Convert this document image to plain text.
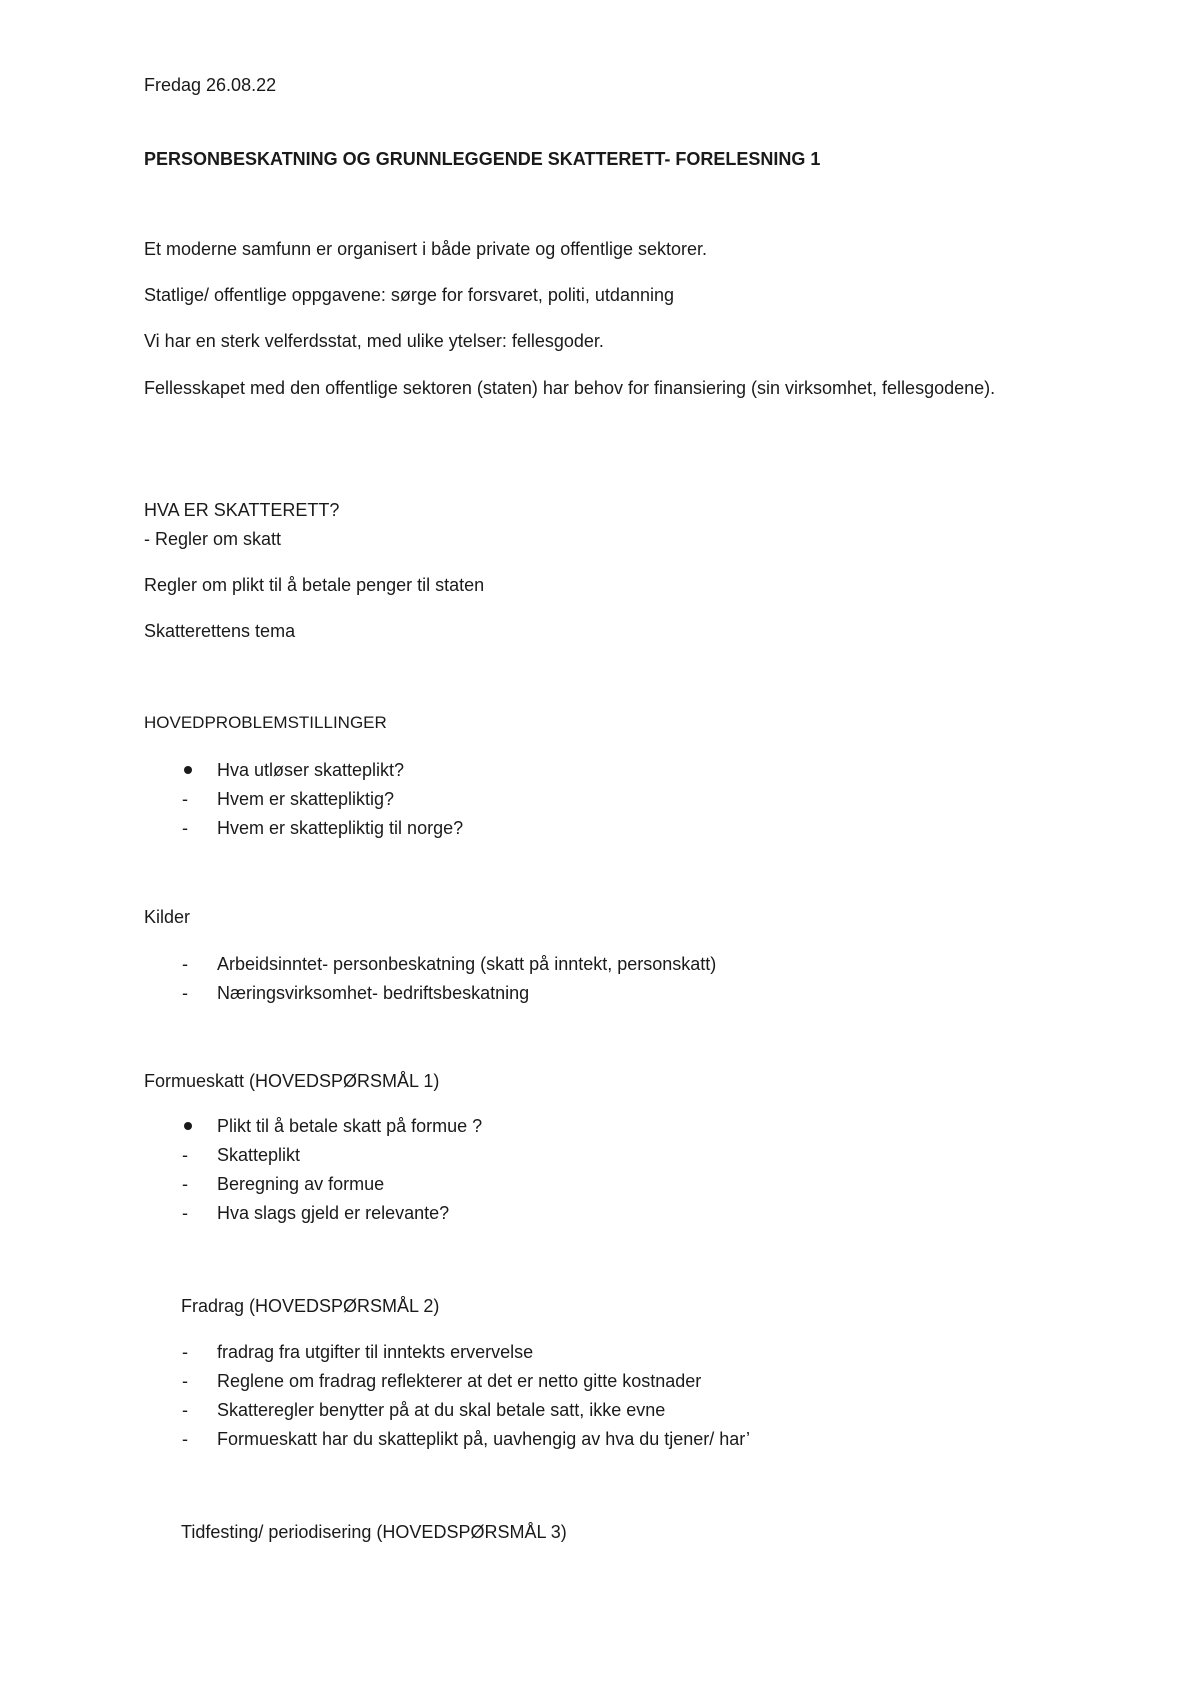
Fredag 26.08.22

PERSONBESKATNING OG GRUNNLEGGENDE SKATTERETT- FORELESNING 1

Et moderne samfunn er organisert i både private og offentlige sektorer.

Statlige/ offentlige oppgavene: sørge for forsvaret, politi, utdanning

Vi har en sterk velferdsstat, med ulike ytelser: fellesgoder.

Fellesskapet med den offentlige sektoren (staten) har behov for finansiering (sin virksomhet, fellesgodene).

HVA ER SKATTERETT?

- Regler om skatt

Regler om plikt til å betale penger til staten

Skatterettens tema

HOVEDPROBLEMSTILLINGER

Hva utløser skatteplikt?
- Hvem er skattepliktig?
- Hvem er skattepliktig til norge?

Kilder

- Arbeidsinntet- personbeskatning (skatt på inntekt, personskatt)
- Næringsvirksomhet- bedriftsbeskatning

Formueskatt (HOVEDSPØRSMÅL 1)

Plikt til å betale skatt på formue ?
- Skatteplikt
- Beregning av formue
- Hva slags gjeld er relevante?

Fradrag (HOVEDSPØRSMÅL 2)

- fradrag fra utgifter til inntekts ervervelse
- Reglene om fradrag reflekterer at det er netto gitte kostnader
- Skatteregler benytter på at du skal betale satt, ikke evne
- Formueskatt har du skatteplikt på, uavhengig av hva du tjener/ har’

Tidfesting/ periodisering (HOVEDSPØRSMÅL 3)
